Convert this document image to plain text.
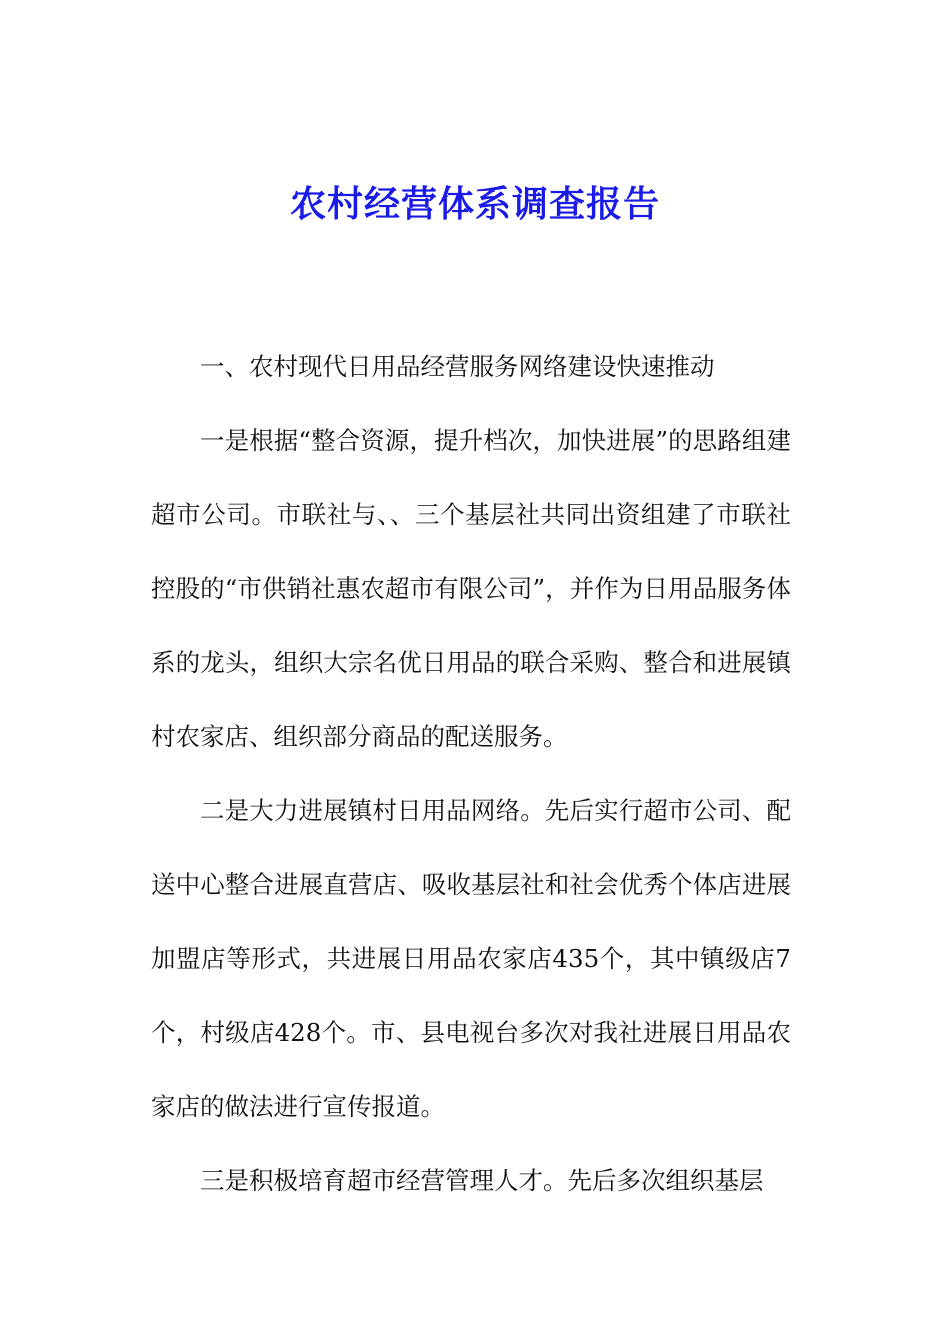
农村经营体系调查报告

一、农村现代日用品经营服务网络建设快速推动

一是根据“整合资源，提升档次，加快进展”的思路组建超市公司。市联社与、、三个基层社共同出资组建了市联社控股的“市供销社惠农超市有限公司”，并作为日用品服务体系的龙头，组织大宗名优日用品的联合采购、整合和进展镇村农家店、组织部分商品的配送服务。

二是大力进展镇村日用品网络。先后实行超市公司、配送中心整合进展直营店、吸收基层社和社会优秀个体店进展加盟店等形式，共进展日用品农家店435个，其中镇级店7个，村级店428个。市、县电视台多次对我社进展日用品农家店的做法进行宣传报道。

三是积极培育超市经营管理人才。先后多次组织基层
